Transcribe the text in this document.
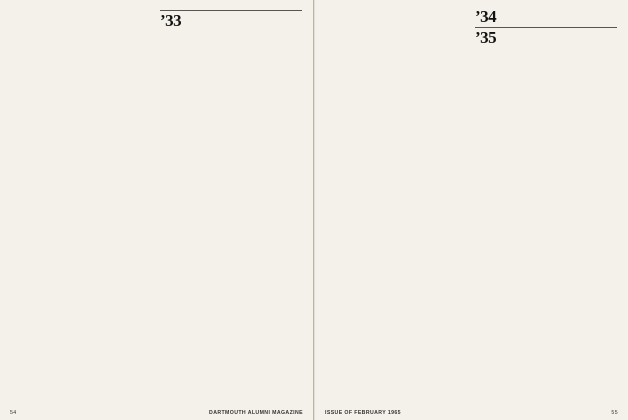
’33
54	DARTMOUTH ALUMNI MAGAZINE
’34
’35
ISSUE OF FEBRUARY 1965	55
